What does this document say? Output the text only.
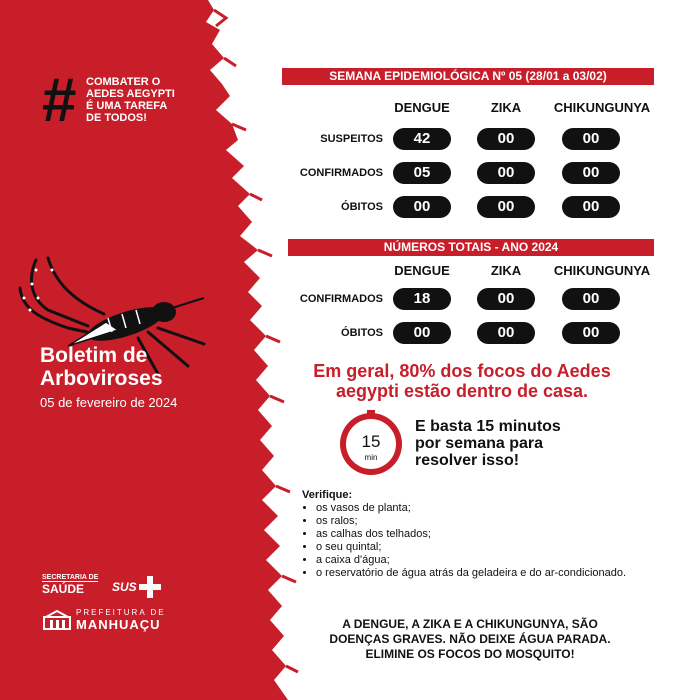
# COMBATER O
AEDES AEGYPTI
É UMA TAREFA
DE TODOS!
Boletim de
Arboviroses
05 de fevereiro de 2024
SECRETARIA DE
SAÚDE	SUS
PREFEITURA DE
MANHUAÇU
SEMANA EPIDEMIOLÓGICA Nº 05 (28/01 a 03/02)
DENGUE	ZIKA	CHIKUNGUNYA
SUSPEITOS	42	00	00
CONFIRMADOS	05	00	00
ÓBITOS	00	00	00
NÚMEROS TOTAIS - ANO 2024
DENGUE	ZIKA	CHIKUNGUNYA
CONFIRMADOS	18	00	00
ÓBITOS	00	00	00
Em geral, 80% dos focos do Aedes
aegypti estão dentro de casa.
15
min
E basta 15 minutos
por semana para
resolver isso!
Verifique:
• os vasos de planta;
• os ralos;
• as calhas dos telhados;
• o seu quintal;
• a caixa d'água;
• o reservatório de água atrás da geladeira e do ar-condicionado.
A DENGUE, A ZIKA E A CHIKUNGUNYA, SÃO
DOENÇAS GRAVES. NÃO DEIXE ÁGUA PARADA.
ELIMINE OS FOCOS DO MOSQUITO!
